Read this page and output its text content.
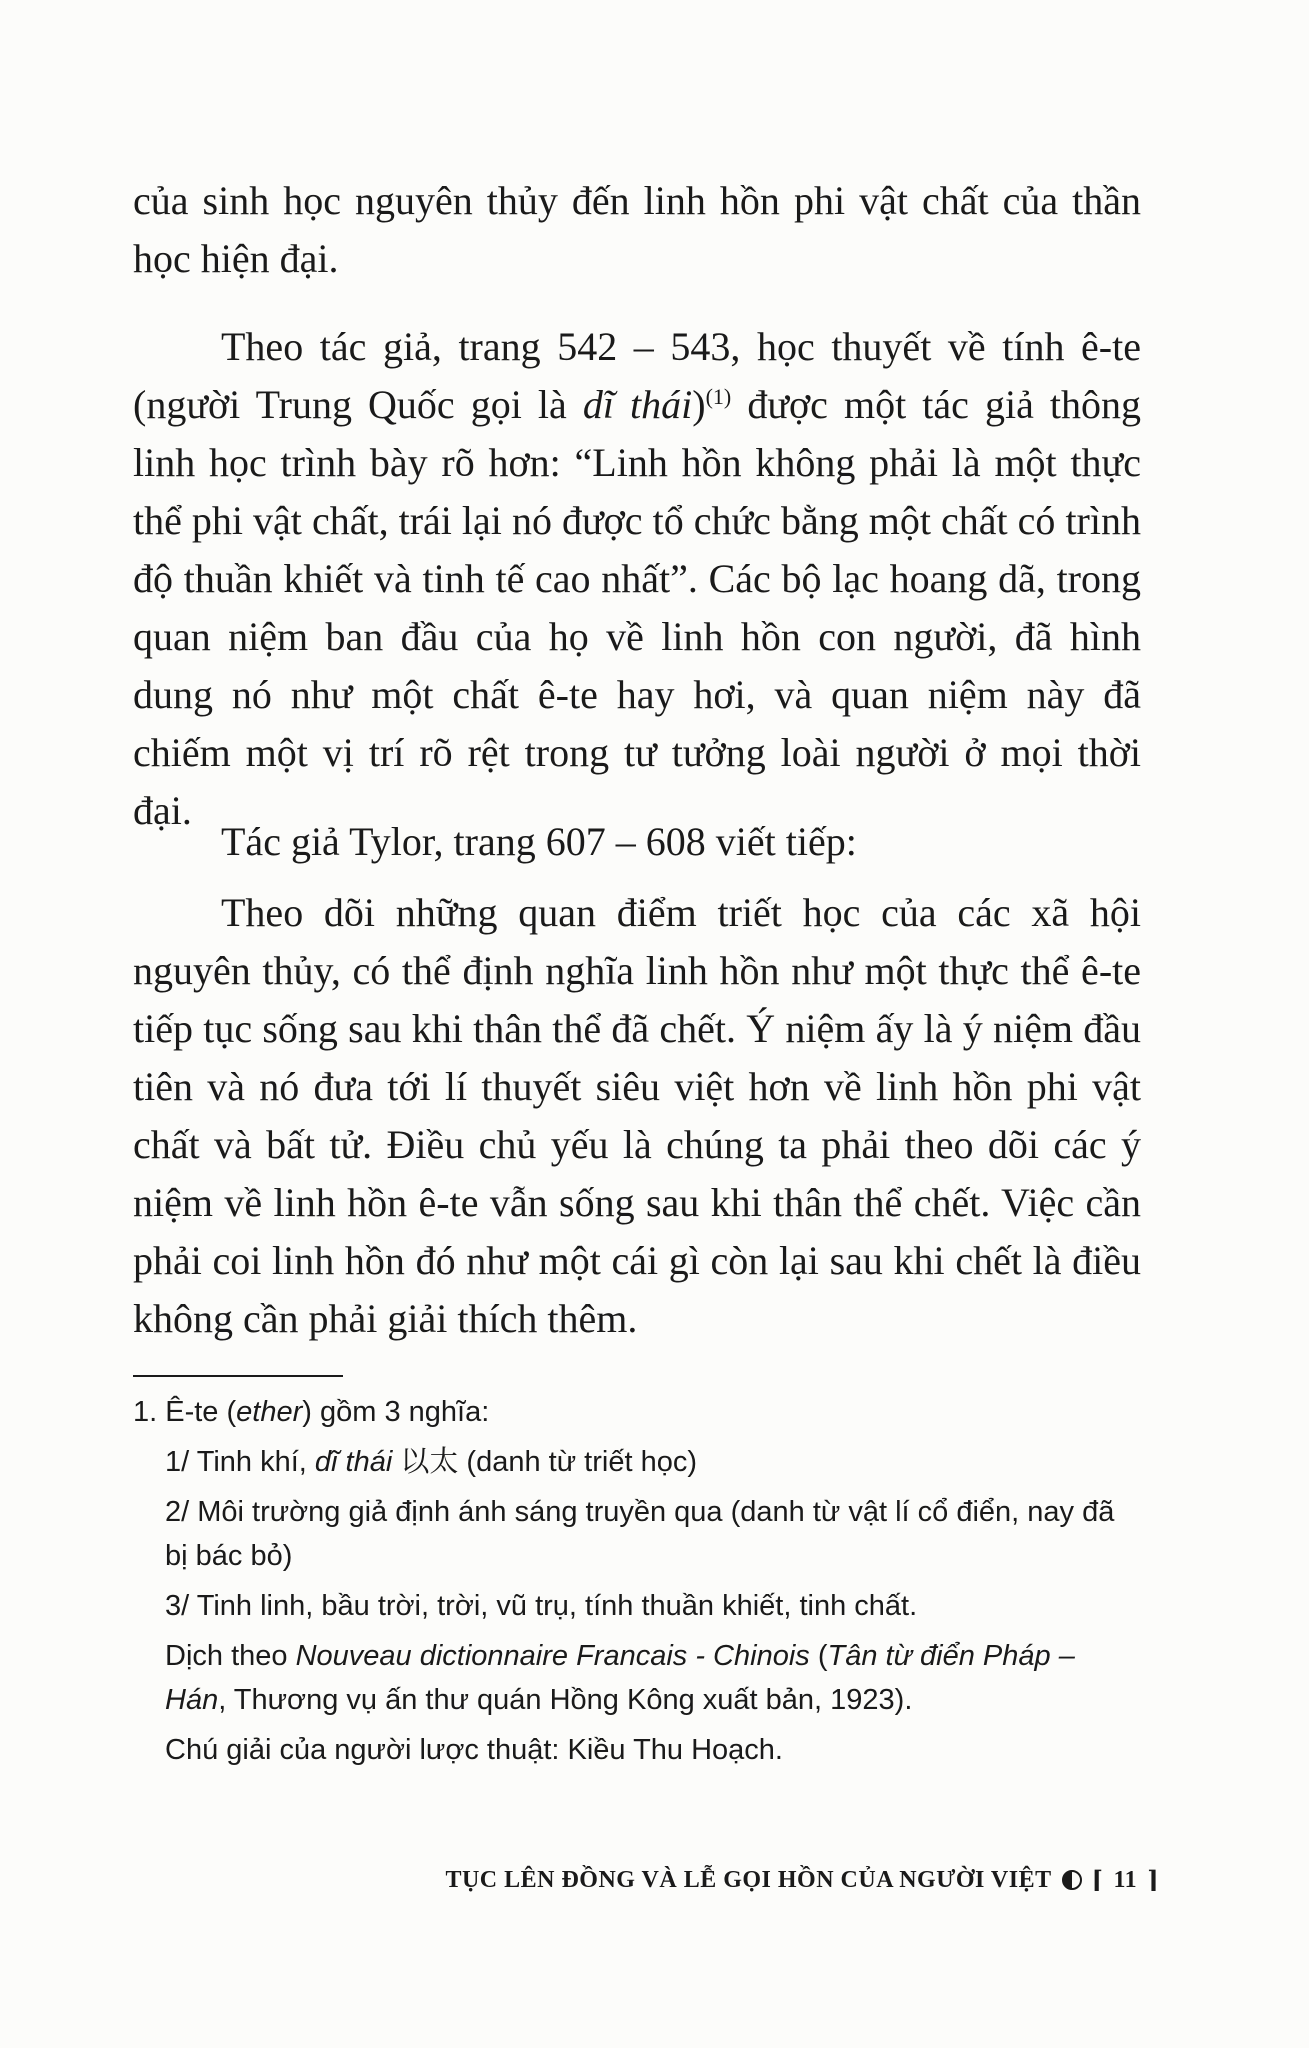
của sinh học nguyên thủy đến linh hồn phi vật chất của thần học hiện đại.

Theo tác giả, trang 542 – 543, học thuyết về tính ê-te (người Trung Quốc gọi là dĩ thái)$^{(1)}$ được một tác giả thông linh học trình bày rõ hơn: “Linh hồn không phải là một thực thể phi vật chất, trái lại nó được tổ chức bằng một chất có trình độ thuần khiết và tinh tế cao nhất”. Các bộ lạc hoang dã, trong quan niệm ban đầu của họ về linh hồn con người, đã hình dung nó như một chất ê-te hay hơi, và quan niệm này đã chiếm một vị trí rõ rệt trong tư tưởng loài người ở mọi thời đại.

Tác giả Tylor, trang 607 – 608 viết tiếp:

Theo dõi những quan điểm triết học của các xã hội nguyên thủy, có thể định nghĩa linh hồn như một thực thể ê-te tiếp tục sống sau khi thân thể đã chết. Ý niệm ấy là ý niệm đầu tiên và nó đưa tới lí thuyết siêu việt hơn về linh hồn phi vật chất và bất tử. Điều chủ yếu là chúng ta phải theo dõi các ý niệm về linh hồn ê-te vẫn sống sau khi thân thể chết. Việc cần phải coi linh hồn đó như một cái gì còn lại sau khi chết là điều không cần phải giải thích thêm.

1. Ê-te (ether) gồm 3 nghĩa:

1/ Tinh khí, dĩ thái 以太 (danh từ triết học)

2/ Môi trường giả định ánh sáng truyền qua (danh từ vật lí cổ điển, nay đã bị bác bỏ)

3/ Tinh linh, bầu trời, trời, vũ trụ, tính thuần khiết, tinh chất.

Dịch theo Nouveau dictionnaire Francais - Chinois (Tân từ điển Pháp – Hán, Thương vụ ấn thư quán Hồng Kông xuất bản, 1923).

Chú giải của người lược thuật: Kiều Thu Hoạch.

TỤC LÊN ĐỒNG VÀ LỄ GỌI HỒN CỦA NGƯỜI VIỆT ⌈ 11 ⌉
